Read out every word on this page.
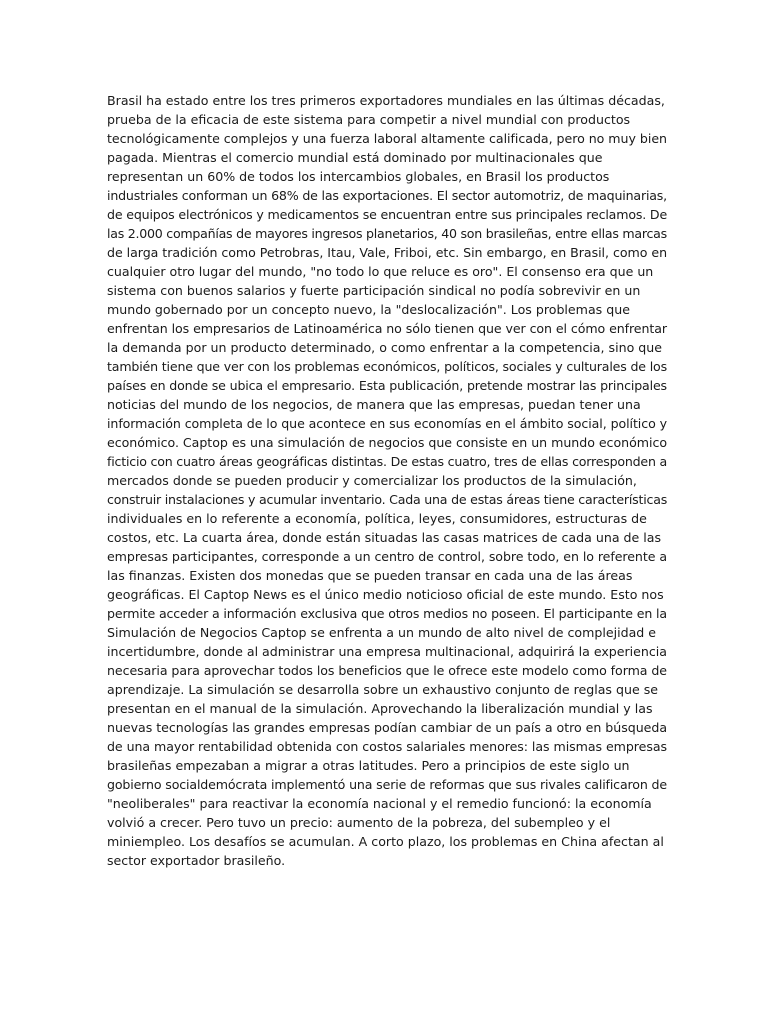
Brasil ha estado entre los tres primeros exportadores mundiales en las últimas décadas,
prueba de la eficacia de este sistema para competir a nivel mundial con productos
tecnológicamente complejos y una fuerza laboral altamente calificada, pero no muy bien
pagada. Mientras el comercio mundial está dominado por multinacionales que
representan un 60% de todos los intercambios globales, en Brasil los productos
industriales conforman un 68% de las exportaciones. El sector automotriz, de maquinarias,
de equipos electrónicos y medicamentos se encuentran entre sus principales reclamos. De
las 2.000 compañías de mayores ingresos planetarios, 40 son brasileñas, entre ellas marcas
de larga tradición como Petrobras, Itau, Vale, Friboi, etc. Sin embargo, en Brasil, como en
cualquier otro lugar del mundo, "no todo lo que reluce es oro". El consenso era que un
sistema con buenos salarios y fuerte participación sindical no podía sobrevivir en un
mundo gobernado por un concepto nuevo, la "deslocalización". Los problemas que
enfrentan los empresarios de Latinoamérica no sólo tienen que ver con el cómo enfrentar
la demanda por un producto determinado, o como enfrentar a la competencia, sino que
también tiene que ver con los problemas económicos, políticos, sociales y culturales de los
países en donde se ubica el empresario. Esta publicación, pretende mostrar las principales
noticias del mundo de los negocios, de manera que las empresas, puedan tener una
información completa de lo que acontece en sus economías en el ámbito social, político y
económico. Captop es una simulación de negocios que consiste en un mundo económico
ficticio con cuatro áreas geográficas distintas. De estas cuatro, tres de ellas corresponden a
mercados donde se pueden producir y comercializar los productos de la simulación,
construir instalaciones y acumular inventario. Cada una de estas áreas tiene características
individuales en lo referente a economía, política, leyes, consumidores, estructuras de
costos, etc. La cuarta área, donde están situadas las casas matrices de cada una de las
empresas participantes, corresponde a un centro de control, sobre todo, en lo referente a
las finanzas. Existen dos monedas que se pueden transar en cada una de las áreas
geográficas. El Captop News es el único medio noticioso oficial de este mundo. Esto nos
permite acceder a información exclusiva que otros medios no poseen. El participante en la
Simulación de Negocios Captop se enfrenta a un mundo de alto nivel de complejidad e
incertidumbre, donde al administrar una empresa multinacional, adquirirá la experiencia
necesaria para aprovechar todos los beneficios que le ofrece este modelo como forma de
aprendizaje. La simulación se desarrolla sobre un exhaustivo conjunto de reglas que se
presentan en el manual de la simulación. Aprovechando la liberalización mundial y las
nuevas tecnologías las grandes empresas podían cambiar de un país a otro en búsqueda
de una mayor rentabilidad obtenida con costos salariales menores: las mismas empresas
brasileñas empezaban a migrar a otras latitudes. Pero a principios de este siglo un
gobierno socialdemócrata implementó una serie de reformas que sus rivales calificaron de
"neoliberales" para reactivar la economía nacional y el remedio funcionó: la economía
volvió a crecer. Pero tuvo un precio: aumento de la pobreza, del subempleo y el
miniempleo. Los desafíos se acumulan. A corto plazo, los problemas en China afectan al
sector exportador brasileño.
